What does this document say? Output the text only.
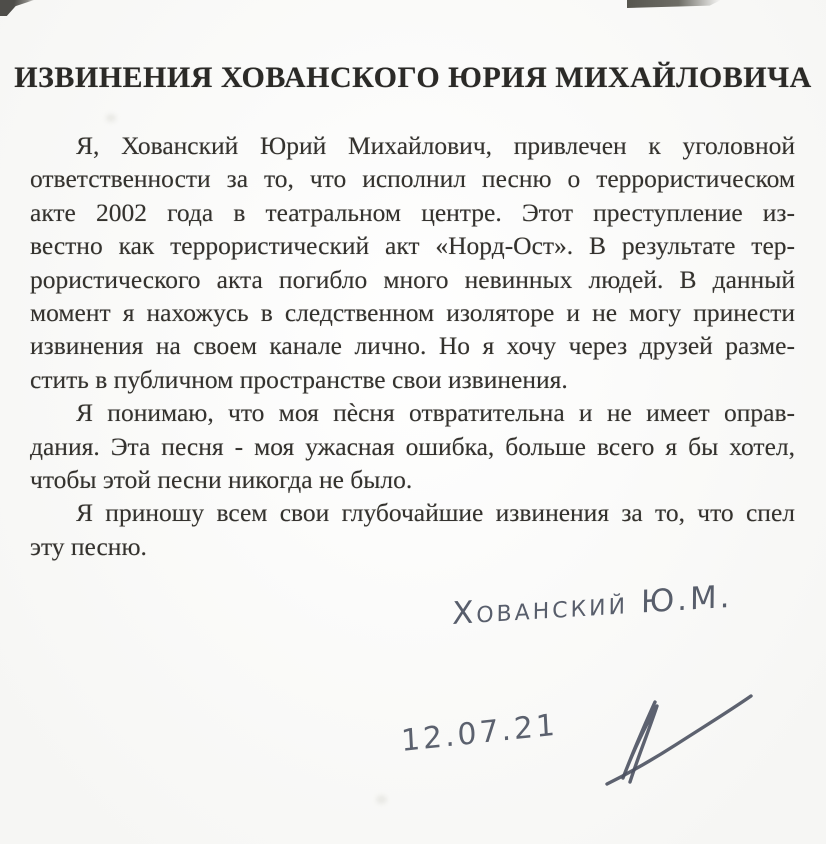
ИЗВИНЕНИЯ ХОВАНСКОГО ЮРИЯ МИХАЙЛОВИЧА
Я, Хованский Юрий Михайлович, привлечен к уголовной
ответственности за то, что исполнил песню о террористическом
акте 2002 года в театральном центре. Этот преступление из-
вестно как террористический акт «Норд-Ост». В результате тер-
рористического акта погибло много невинных людей. В данный
момент я нахожусь в следственном изоляторе и не могу принести
извинения на своем канале лично. Но я хочу через друзей разме-
стить в публичном пространстве свои извинения.
Я понимаю, что моя пѐсня отвратительна и не имеет оправ-
дания. Эта песня - моя ужасная ошибка, больше всего я бы хотел,
чтобы этой песни никогда не было.
Я приношу всем свои глубочайшие извинения за то, что спел
эту песню.
Хованский Ю.М.
12.07.21
